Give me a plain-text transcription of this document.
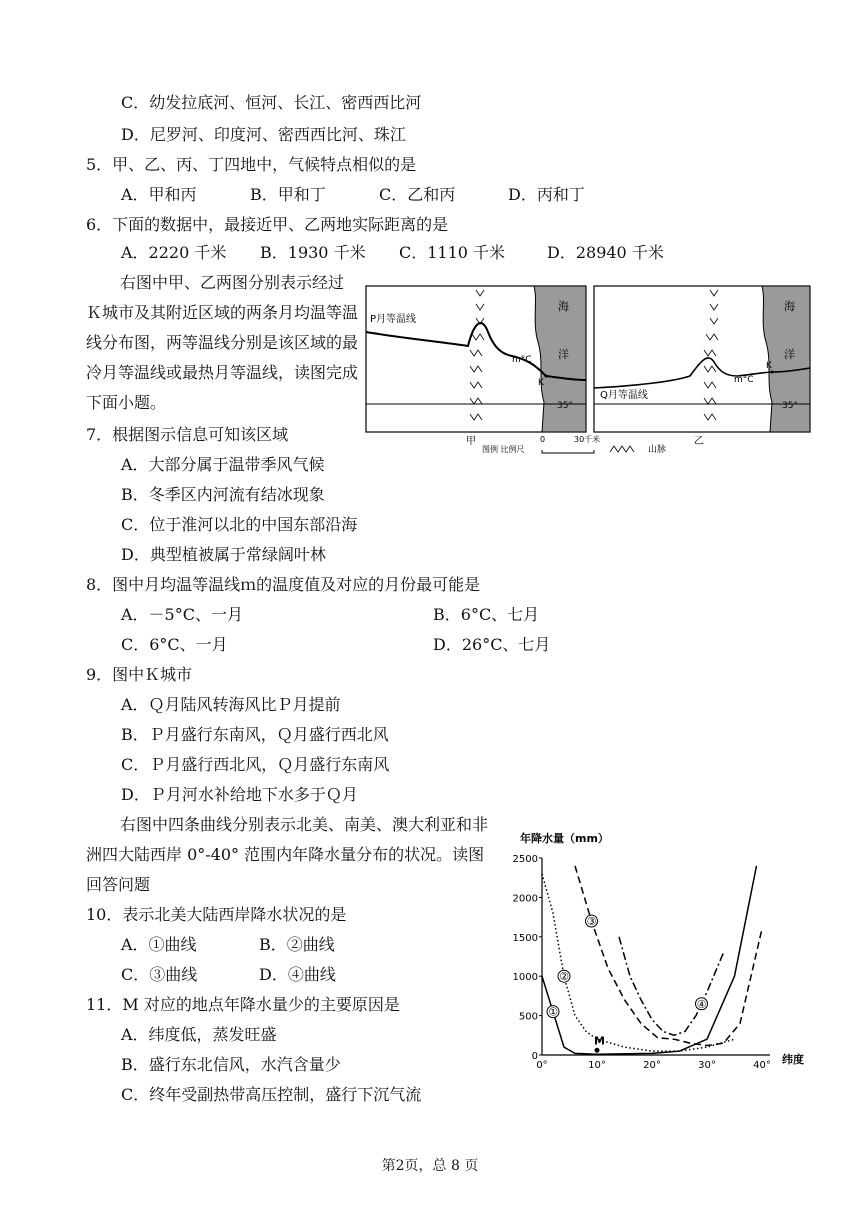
C．幼发拉底河、恒河、长江、密西西比河
D．尼罗河、印度河、密西西比河、珠江
5．甲、乙、丙、丁四地中，气候特点相似的是
A．甲和丙	B．甲和丁	C．乙和丙	D．丙和丁
6．下面的数据中，最接近甲、乙两地实际距离的是
A．2220 千米 B．1930 千米 C．1110 千米	D．28940 千米
右图中甲、乙两图分别表示经过Ｋ城市及其附近区域的两条月均温等温线分布图，两等温线分别是该区域的最冷月等温线或最热月等温线，读图完成下面小题。
海
洋
P月等温线
m°C
K
35°
海
洋
Q月等温线
m°C
K
35°
甲	乙
图例 比例尺
0	30千米
山脉
7．根据图示信息可知该区域
A．大部分属于温带季风气候
B．冬季区内河流有结冰现象
C．位于淮河以北的中国东部沿海
D．典型植被属于常绿阔叶林
8．图中月均温等温线ｍ的温度值及对应的月份最可能是
A．－5°C、一月	B．6°C、七月
C．6°C、一月	D．26°C、七月
9．图中Ｋ城市
A．Ｑ月陆风转海风比Ｐ月提前
B．Ｐ月盛行东南风，Ｑ月盛行西北风
C．Ｐ月盛行西北风，Ｑ月盛行东南风
D．Ｐ月河水补给地下水多于Ｑ月
右图中四条曲线分别表示北美、南美、澳大利亚和非洲四大陆西岸 0°-40° 范围内年降水量分布的状况。读图回答问题
10．表示北美大陆西岸降水状况的是
A．①曲线	B．②曲线
C．③曲线	D．④曲线
11．M 对应的地点年降水量少的主要原因是
A．纬度低，蒸发旺盛
B．盛行东北信风，水汽含量少
C．终年受副热带高压控制，盛行下沉气流
年降水量（mm）
纬度
0
500
1000
1500
2000
2500
0°	10°	20°	30°	40°
①
②
③
④
M
第2页，总 8 页
